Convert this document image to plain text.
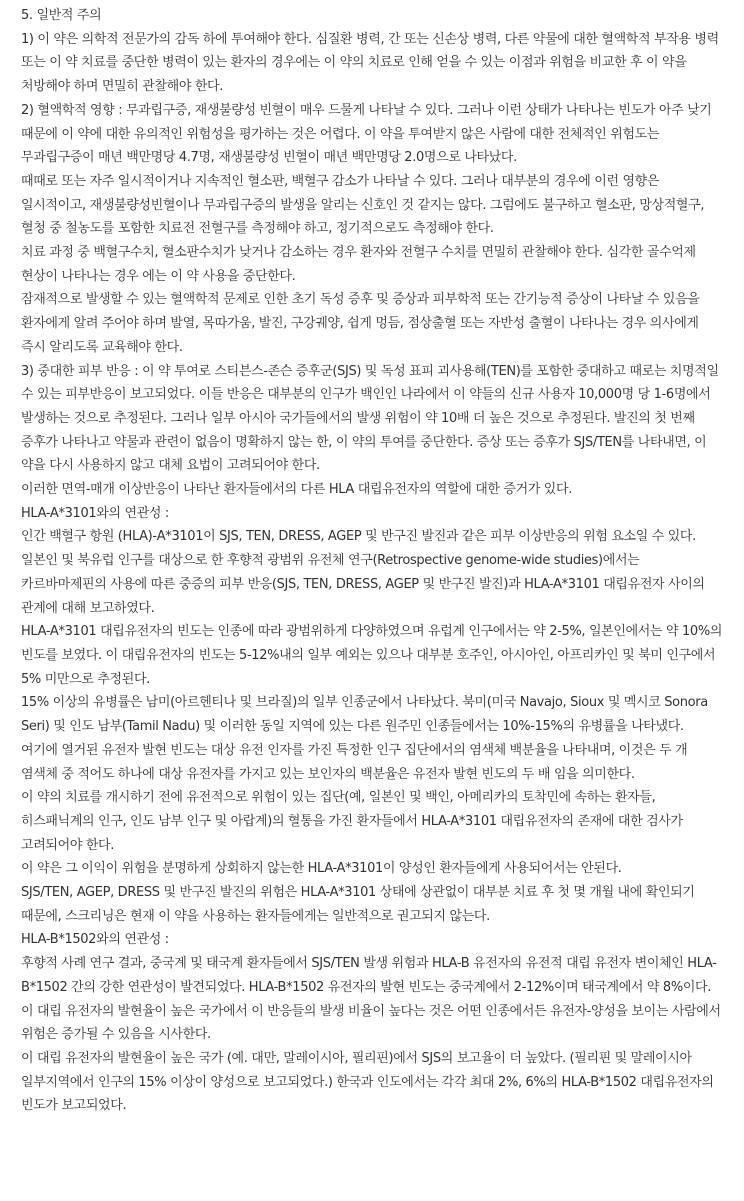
5. 일반적 주의

1) 이 약은 의학적 전문가의 감독 하에 투여해야 한다. 심질환 병력, 간 또는 신손상 병력, 다른 약물에 대한 혈액학적 부작용 병력 또는 이 약 치료를 중단한 병력이 있는 환자의 경우에는 이 약의 치료로 인해 얻을 수 있는 이점과 위험을 비교한 후 이 약을 처방해야 하며 면밀히 관찰해야 한다.

2) 혈액학적 영향 : 무과립구증, 재생불량성 빈혈이 매우 드물게 나타날 수 있다. 그러나 이런 상태가 나타나는 빈도가 아주 낮기 때문에 이 약에 대한 유의적인 위험성을 평가하는 것은 어렵다. 이 약을 투여받지 않은 사람에 대한 전체적인 위험도는 무과립구증이 매년 백만명당 4.7명, 재생불량성 빈혈이 매년 백만명당 2.0명으로 나타났다.

때때로 또는 자주 일시적이거나 지속적인 혈소판, 백혈구 감소가 나타날 수 있다. 그러나 대부분의 경우에 이런 영향은 일시적이고, 재생불량성빈혈이나 무과립구증의 발생을 알리는 신호인 것 같지는 않다. 그럼에도 불구하고 혈소판, 망상적혈구, 혈청 중 철농도를 포함한 치료전 전혈구를 측정해야 하고, 정기적으로도 측정해야 한다.

치료 과정 중 백혈구수치, 혈소판수치가 낮거나 감소하는 경우 환자와 전혈구 수치를 면밀히 관찰해야 한다. 심각한 골수억제 현상이 나타나는 경우 에는 이 약 사용을 중단한다.

잠재적으로 발생할 수 있는 혈액학적 문제로 인한 초기 독성 증후 및 증상과 피부학적 또는 간기능적 증상이 나타날 수 있음을 환자에게 알려 주어야 하며 발열, 목따가움, 발진, 구강궤양, 쉽게 멍듬, 점상출혈 또는 자반성 출혈이 나타나는 경우 의사에게 즉시 알리도록 교육해야 한다.

3) 중대한 피부 반응 : 이 약 투여로 스티븐스-존슨 증후군(SJS) 및 독성 표피 괴사용해(TEN)를 포함한 중대하고 때로는 치명적일 수 있는 피부반응이 보고되었다. 이들 반응은 대부분의 인구가 백인인 나라에서 이 약들의 신규 사용자 10,000명 당 1-6명에서 발생하는 것으로 추정된다. 그러나 일부 아시아 국가들에서의 발생 위험이 약 10배 더 높은 것으로 추정된다. 발진의 첫 번째 증후가 나타나고 약물과 관련이 없음이 명확하지 않는 한, 이 약의 투여를 중단한다. 증상 또는 증후가 SJS/TEN를 나타내면, 이 약을 다시 사용하지 않고 대체 요법이 고려되어야 한다.

이러한 면역-매개 이상반응이 나타난 환자들에서의 다른 HLA 대립유전자의 역할에 대한 증거가 있다.

HLA-A*3101와의 연관성 :

인간 백혈구 항원 (HLA)-A*3101이 SJS, TEN, DRESS, AGEP 및 반구진 발진과 같은 피부 이상반응의 위험 요소일 수 있다. 일본인 및 북유럽 인구를 대상으로 한 후향적 광범위 유전체 연구(Retrospective genome-wide studies)에서는 카르바마제핀의 사용에 따른 중증의 피부 반응(SJS, TEN, DRESS, AGEP 및 반구진 발진)과 HLA-A*3101 대립유전자 사이의 관계에 대해 보고하였다.

HLA-A*3101 대립유전자의 빈도는 인종에 따라 광범위하게 다양하였으며 유럽계 인구에서는 약 2-5%, 일본인에서는 약 10%의 빈도를 보였다. 이 대립유전자의 빈도는 5-12%내의 일부 예외는 있으나 대부분 호주인, 아시아인, 아프리카인 및 북미 인구에서 5% 미만으로 추정된다.

15% 이상의 유병률은 남미(아르헨티나 및 브라질)의 일부 인종군에서 나타났다. 북미(미국 Navajo, Sioux 및 멕시코 Sonora Seri) 및 인도 남부(Tamil Nadu) 및 이러한 동일 지역에 있는 다른 원주민 인종들에서는 10%-15%의 유병률을 나타냈다.

여기에 열거된 유전자 발현 빈도는 대상 유전 인자를 가진 특정한 인구 집단에서의 염색체 백분율을 나타내며, 이것은 두 개 염색체 중 적어도 하나에 대상 유전자를 가지고 있는 보인자의 백분율은 유전자 발현 빈도의 두 배 임을 의미한다.

이 약의 치료를 개시하기 전에 유전적으로 위험이 있는 집단(예, 일본인 및 백인, 아메리카의 토착민에 속하는 환자들, 히스패닉계의 인구, 인도 남부 인구 및 아랍계)의 혈통을 가진 환자들에서 HLA-A*3101 대립유전자의 존재에 대한 검사가 고려되어야 한다.

이 약은 그 이익이 위험을 분명하게 상회하지 않는한 HLA-A*3101이 양성인 환자들에게 사용되어서는 안된다.

SJS/TEN, AGEP, DRESS 및 반구진 발진의 위험은 HLA-A*3101 상태에 상관없이 대부분 치료 후 첫 몇 개월 내에 확인되기 때문에, 스크리닝은 현재 이 약을 사용하는 환자들에게는 일반적으로 권고되지 않는다.

HLA-B*1502와의 연관성 :

후향적 사례 연구 결과, 중국계 및 태국계 환자들에서 SJS/TEN 발생 위험과 HLA-B 유전자의 유전적 대립 유전자 변이체인 HLA-B*1502 간의 강한 연관성이 발견되었다. HLA-B*1502 유전자의 발현 빈도는 중국계에서 2-12%이며 태국계에서 약 8%이다. 이 대립 유전자의 발현율이 높은 국가에서 이 반응들의 발생 비율이 높다는 것은 어떤 인종에서든 유전자-양성을 보이는 사람에서 위험은 증가될 수 있음을 시사한다.

이 대립 유전자의 발현율이 높은 국가 (예. 대만, 말레이시아, 필리핀)에서 SJS의 보고율이 더 높았다. (필리핀 및 말레이시아 일부지역에서 인구의 15% 이상이 양성으로 보고되었다.) 한국과 인도에서는 각각 최대 2%, 6%의 HLA-B*1502 대립유전자의 빈도가 보고되었다.
